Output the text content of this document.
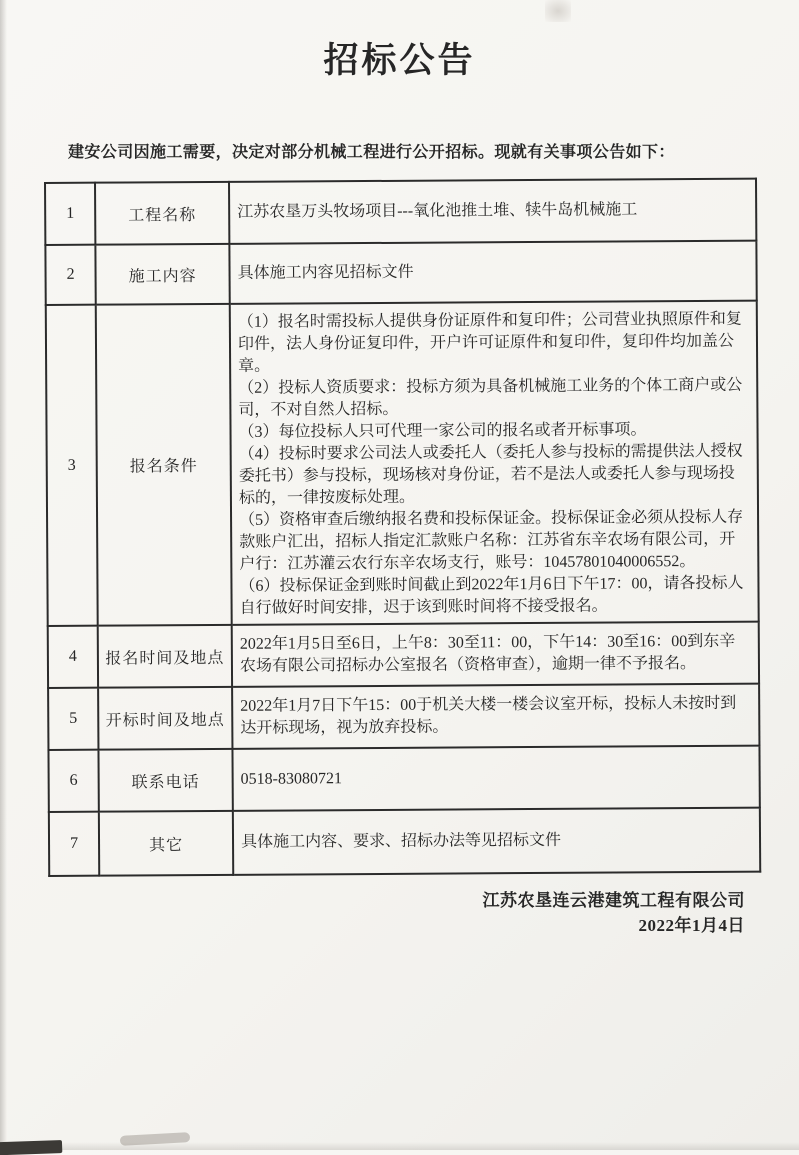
招标公告

建安公司因施工需要，决定对部分机械工程进行公开招标。现就有关事项公告如下：

1	工程名称	江苏农垦万头牧场项目---氧化池推土堆、犊牛岛机械施工
2	施工内容	具体施工内容见招标文件
3	报名条件	

（1）报名时需投标人提供身份证原件和复印件；公司营业执照原件和复印件，法人身份证复印件，开户许可证原件和复印件，复印件均加盖公章。

（2）投标人资质要求：投标方须为具备机械施工业务的个体工商户或公司，不对自然人招标。

（3）每位投标人只可代理一家公司的报名或者开标事项。

（4）投标时要求公司法人或委托人（委托人参与投标的需提供法人授权委托书）参与投标，现场核对身份证，若不是法人或委托人参与现场投标的，一律按废标处理。

（5）资格审查后缴纳报名费和投标保证金。投标保证金必须从投标人存款账户汇出，招标人指定汇款账户名称：江苏省东辛农场有限公司，开户行：江苏灌云农行东辛农场支行，账号：10457801040006552。

（6）投标保证金到账时间截止到2022年1月6日下午17：00，请各投标人自行做好时间安排，迟于该到账时间将不接受报名。

4	报名时间及地点	2022年1月5日至6日，上午8：30至11：00，下午14：30至16：00到东辛农场有限公司招标办公室报名（资格审查），逾期一律不予报名。
5	开标时间及地点	2022年1月7日下午15：00于机关大楼一楼会议室开标，投标人未按时到达开标现场，视为放弃投标。
6	联系电话	0518-83080721
7	其它	具体施工内容、要求、招标办法等见招标文件
江苏农垦连云港建筑工程有限公司
2022年1月4日
